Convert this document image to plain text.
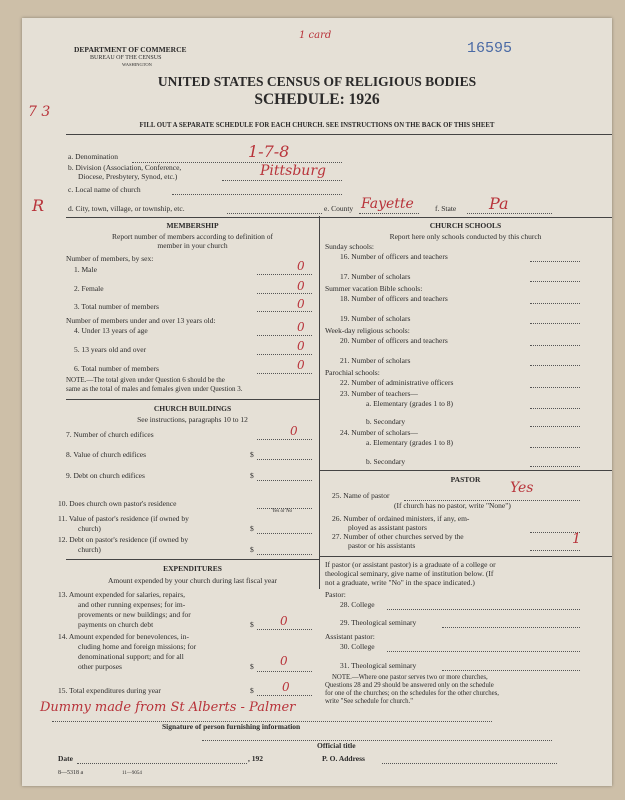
DEPARTMENT OF COMMERCE
BUREAU OF THE CENSUS
WASHINGTON
1 card
16595
UNITED STATES CENSUS OF RELIGIOUS BODIES
SCHEDULE: 1926
7 3
FILL OUT A SEPARATE SCHEDULE FOR EACH CHURCH. SEE INSTRUCTIONS ON THE BACK OF THIS SHEET
a. Denomination	1-7-8
b. Division (Association, Conference,
Diocese, Presbytery, Synod, etc.)	Pittsburg
c. Local name of church
R	d. City, town, village, or township, etc.	e. County Fayette	f. State Pa
MEMBERSHIP
Report number of members according to definition of
member in your church
Number of members, by sex:
1. Male	0
2. Female	0
3. Total number of members	0
Number of members under and over 13 years old:
4. Under 13 years of age	0
5. 13 years old and over	0
6. Total number of members	0
NOTE.—The total given under Question 6 should be the
same as the total of males and females given under Question 3.
CHURCH BUILDINGS
See instructions, paragraphs 10 to 12
7. Number of church edifices	0
8. Value of church edifices	$
9. Debt on church edifices	$
10. Does church own pastor's residence
Yes or No
11. Value of pastor's residence (if owned by
church)	$
12. Debt on pastor's residence (if owned by
church)	$
EXPENDITURES
Amount expended by your church during last fiscal year
13. Amount expended for salaries, repairs,
and other running expenses; for im-
provements or new buildings; and for
payments on church debt	$ 0
14. Amount expended for benevolences, in-
cluding home and foreign missions; for
denominational support; and for all
other purposes	$ 0
15. Total expenditures during year	$ 0
CHURCH SCHOOLS
Report here only schools conducted by this church
Sunday schools:
16. Number of officers and teachers
17. Number of scholars
Summer vacation Bible schools:
18. Number of officers and teachers
19. Number of scholars
Week-day religious schools:
20. Number of officers and teachers
21. Number of scholars
Parochial schools:
22. Number of administrative officers
23. Number of teachers—
a. Elementary (grades 1 to 8)
b. Secondary
24. Number of scholars—
a. Elementary (grades 1 to 8)
b. Secondary
PASTOR
25. Name of pastor	Yes
(If church has no pastor, write "None")
26. Number of ordained ministers, if any, em-
ployed as assistant pastors
27. Number of other churches served by the
pastor or his assistants	1
If pastor (or assistant pastor) is a graduate of a college or
theological seminary, give name of institution below. (If
not a graduate, write "No" in the space indicated.)
Pastor:
28. College
29. Theological seminary
Assistant pastor:
30. College
31. Theological seminary
NOTE.—Where one pastor serves two or more churches,
Questions 28 and 29 should be answered only on the schedule
for one of the churches; on the schedules for the other churches,
write "See schedule for church."
Dummy made from St Alberts - Palmer
Signature of person furnishing information
Official title
Date	, 192	P. O. Address
8—5318 a	11—9054
